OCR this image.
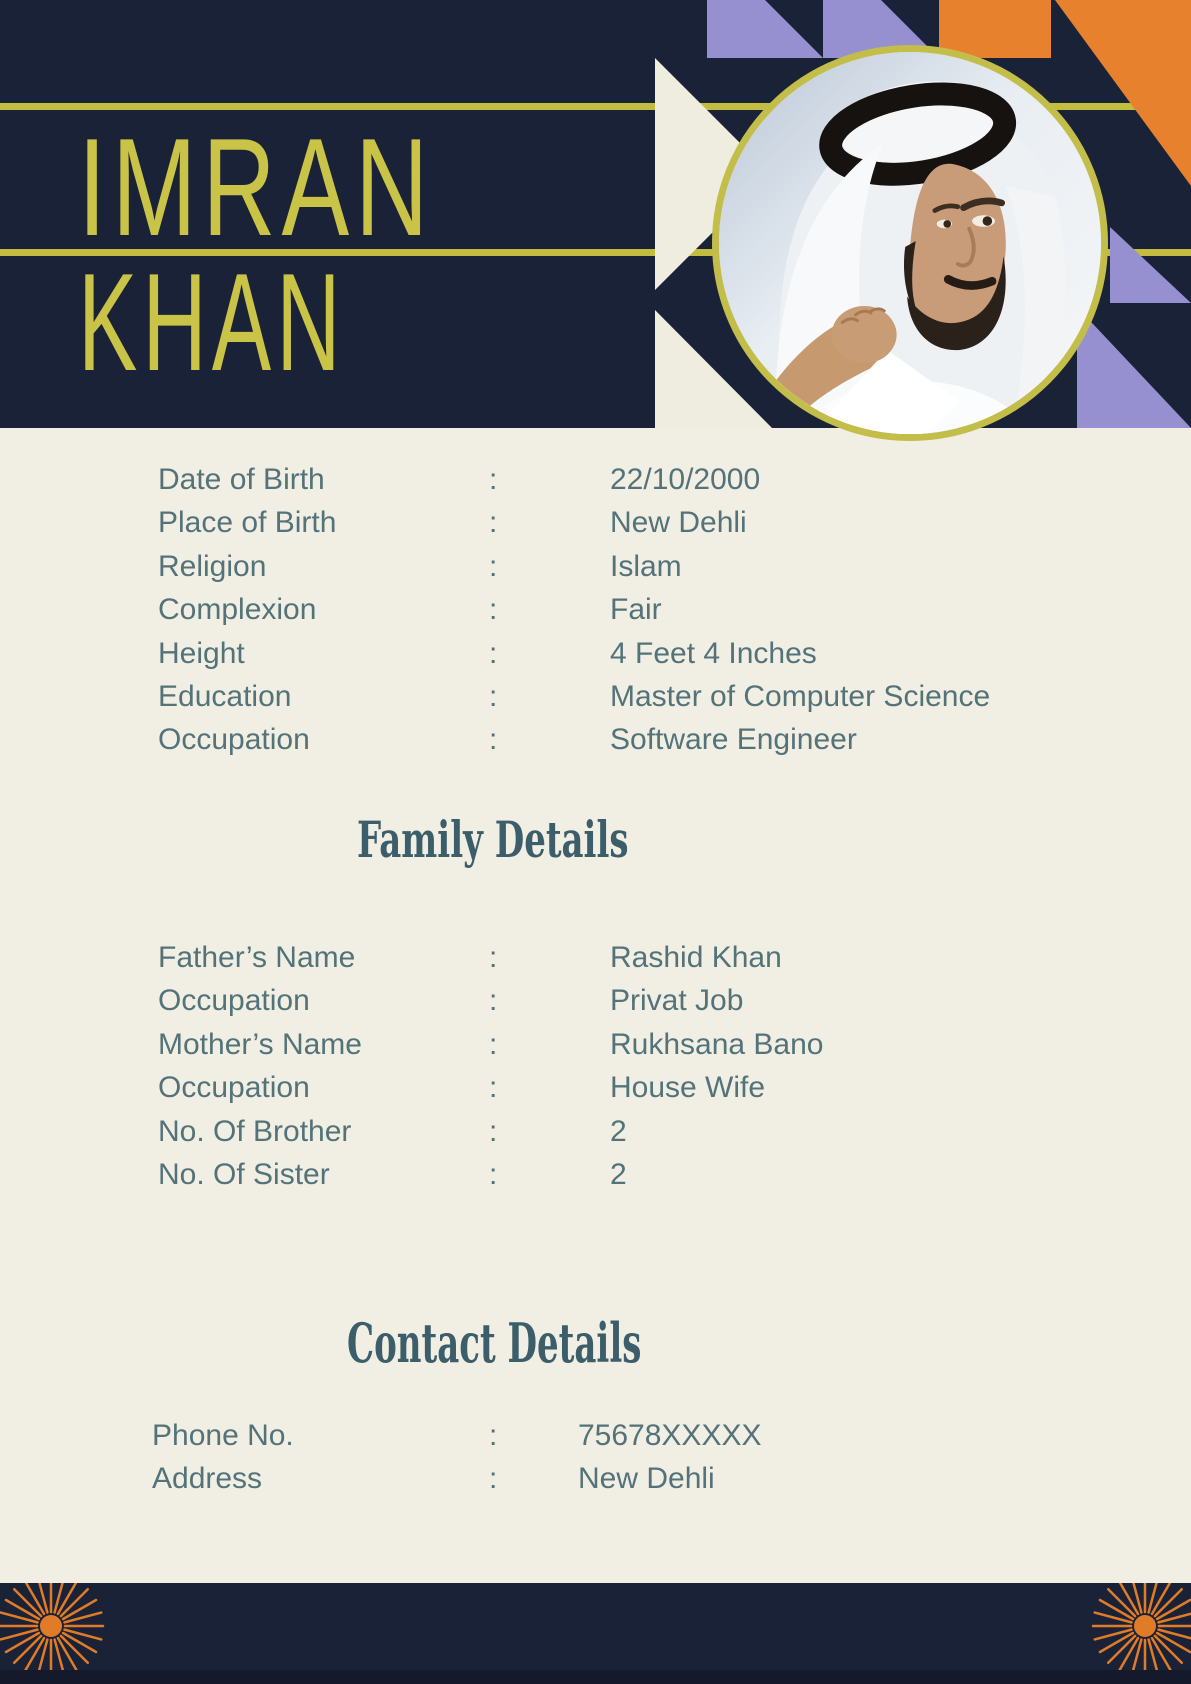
IMRAN
KHAN
Date of Birth	:	22/10/2000
Place of Birth	:	New Dehli
Religion	:	Islam
Complexion	:	Fair
Height	:	4 Feet 4 Inches
Education	:	Master of Computer Science
Occupation	:	Software Engineer
Family Details
Father’s Name	:	Rashid Khan
Occupation	:	Privat Job
Mother’s Name	:	Rukhsana Bano
Occupation	:	House Wife
No. Of Brother	:	2
No. Of Sister	:	2
Contact Details
Phone No.	:	75678XXXXX
Address	:	New Dehli
